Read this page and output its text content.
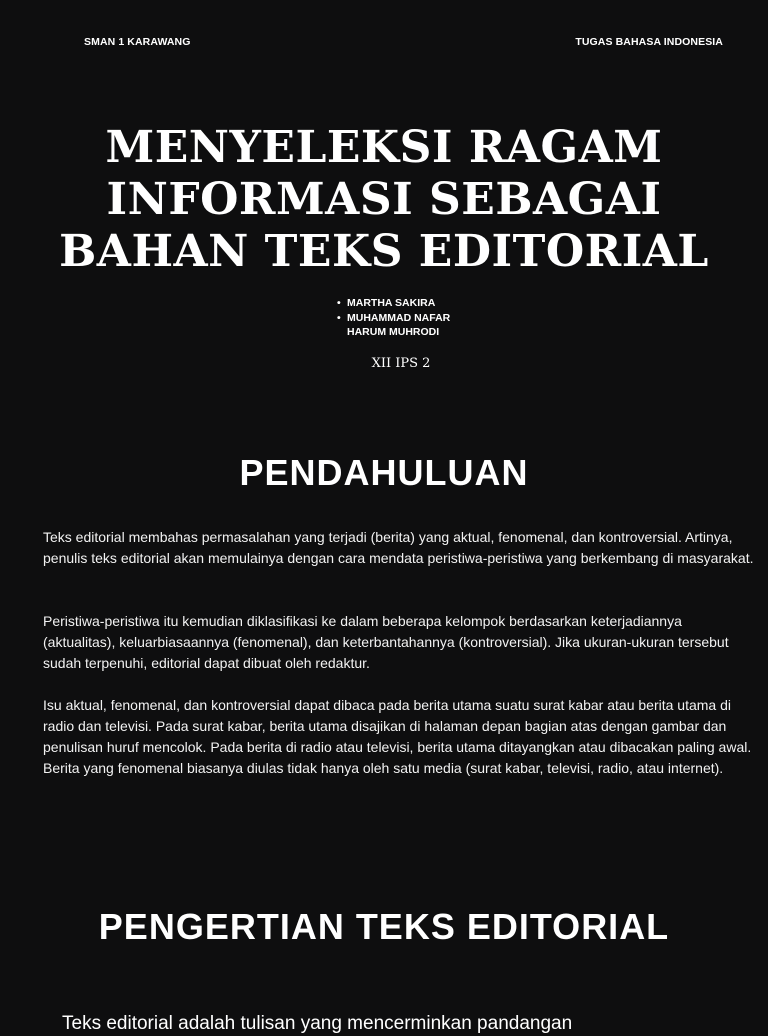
SMAN 1 KARAWANG	TUGAS BAHASA INDONESIA
MENYELEKSI RAGAM
INFORMASI SEBAGAI
BAHAN TEKS EDITORIAL
• MARTHA SAKIRA
• MUHAMMAD NAFAR HARUM MUHRODI
XII IPS 2
PENDAHULUAN

Teks editorial membahas permasalahan yang terjadi (berita) yang aktual, fenomenal, dan kontroversial. Artinya, penulis teks editorial akan memulainya dengan cara mendata peristiwa-peristiwa yang berkembang di masyarakat.

Peristiwa-peristiwa itu kemudian diklasifikasi ke dalam beberapa kelompok berdasarkan keterjadiannya (aktualitas), keluarbiasaannya (fenomenal), dan keterbantahannya (kontroversial). Jika ukuran-ukuran tersebut sudah terpenuhi, editorial dapat dibuat oleh redaktur.

Isu aktual, fenomenal, dan kontroversial dapat dibaca pada berita utama suatu surat kabar atau berita utama di radio dan televisi. Pada surat kabar, berita utama disajikan di halaman depan bagian atas dengan gambar dan penulisan huruf mencolok. Pada berita di radio atau televisi, berita utama ditayangkan atau dibacakan paling awal. Berita yang fenomenal biasanya diulas tidak hanya oleh satu media (surat kabar, televisi, radio, atau internet).

PENGERTIAN TEKS EDITORIAL

Teks editorial adalah tulisan yang mencerminkan pandangan
